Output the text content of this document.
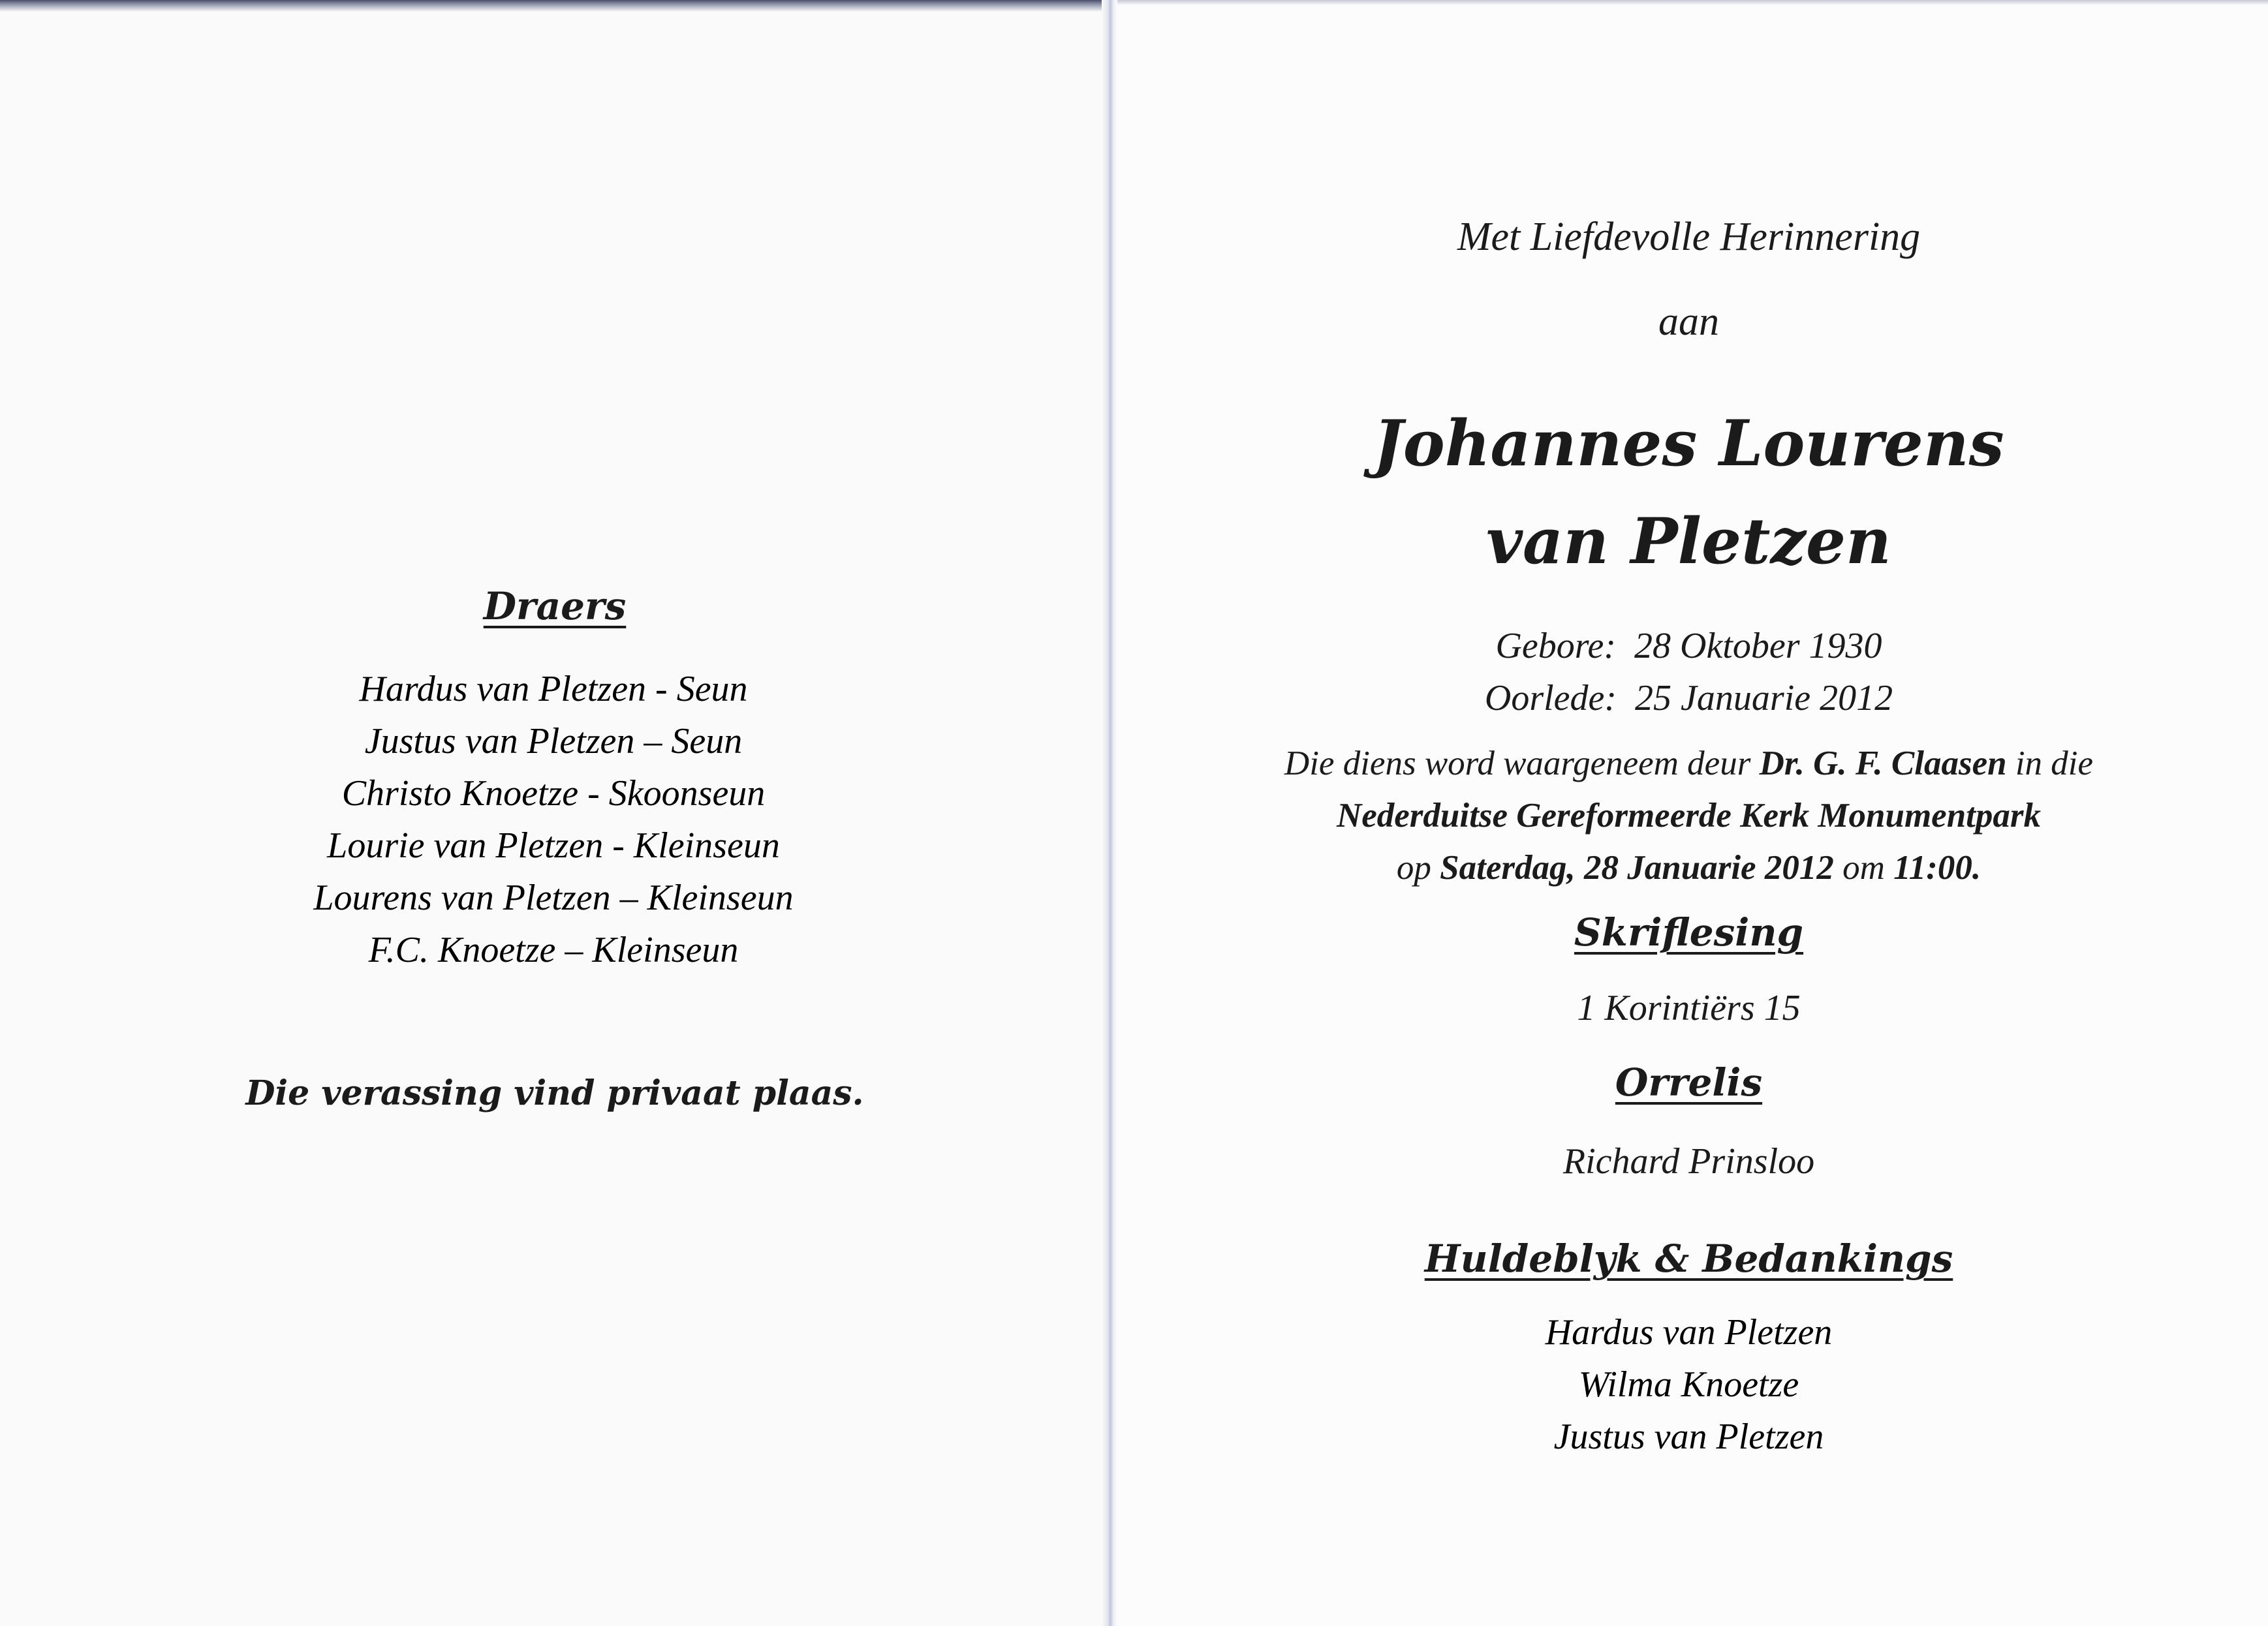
Draers
Hardus van Pletzen - Seun
Justus van Pletzen – Seun
Christo Knoetze - Skoonseun
Lourie van Pletzen - Kleinseun
Lourens van Pletzen – Kleinseun
F.C. Knoetze – Kleinseun
Die verassing vind privaat plaas.
Met Liefdevolle Herinnering
aan
Johannes Lourens
van Pletzen
Gebore: 28 Oktober 1930
Oorlede: 25 Januarie 2012
Die diens word waargeneem deur Dr. G. F. Claasen in die
Nederduitse Gereformeerde Kerk Monumentpark
op Saterdag, 28 Januarie 2012 om 11:00.
Skriflesing
1 Korintiërs 15
Orrelis
Richard Prinsloo
Huldeblyk & Bedankings
Hardus van Pletzen
Wilma Knoetze
Justus van Pletzen
